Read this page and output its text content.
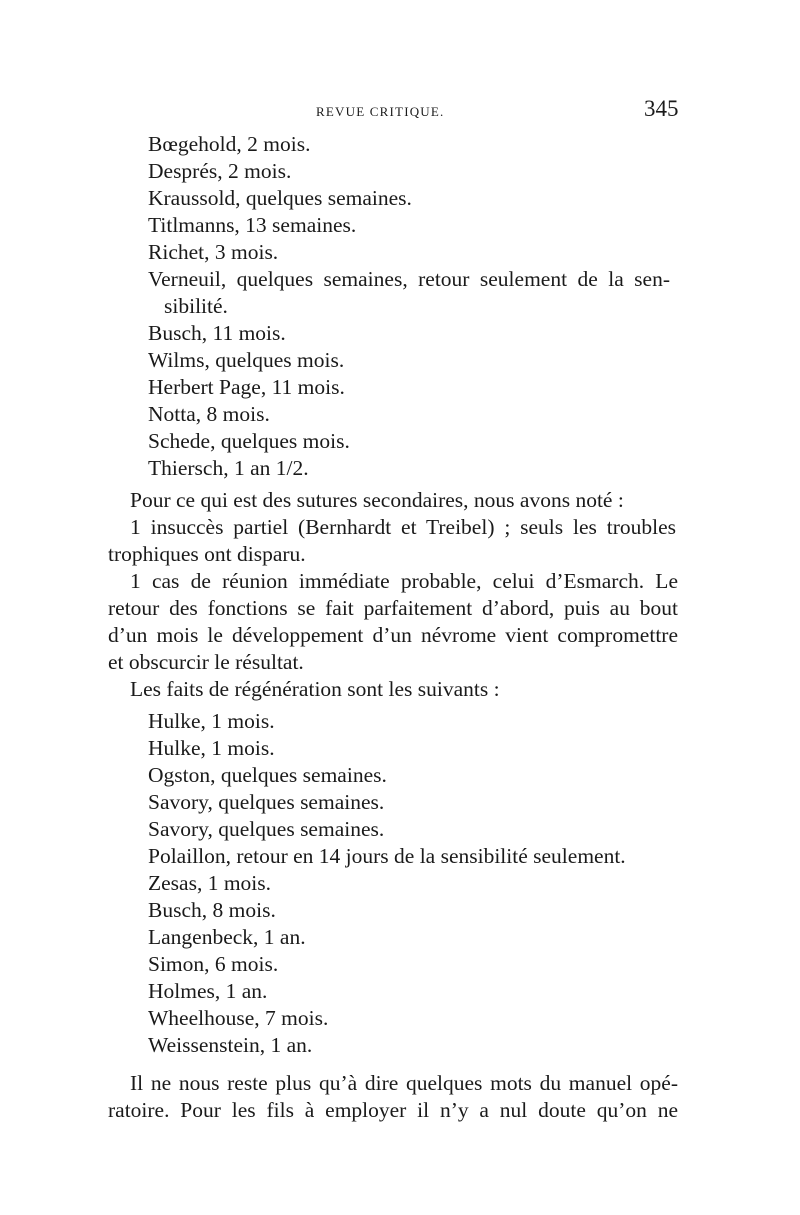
REVUE CRITIQUE.	345
Bœgehold, 2 mois.
Després, 2 mois.
Kraussold, quelques semaines.
Titlmanns, 13 semaines.
Richet, 3 mois.
Verneuil, quelques semaines, retour seulement de la sen-
sibilité.
Busch, 11 mois.
Wilms, quelques mois.
Herbert Page, 11 mois.
Notta, 8 mois.
Schede, quelques mois.
Thiersch, 1 an 1/2.
Pour ce qui est des sutures secondaires, nous avons noté :
1 insuccès partiel (Bernhardt et Treibel) ; seuls les troubles
trophiques ont disparu.
1 cas de réunion immédiate probable, celui d’Esmarch. Le
retour des fonctions se fait parfaitement d’abord, puis au bout
d’un mois le développement d’un névrome vient compromettre
et obscurcir le résultat.
Les faits de régénération sont les suivants :
Hulke, 1 mois.
Hulke, 1 mois.
Ogston, quelques semaines.
Savory, quelques semaines.
Savory, quelques semaines.
Polaillon, retour en 14 jours de la sensibilité seulement.
Zesas, 1 mois.
Busch, 8 mois.
Langenbeck, 1 an.
Simon, 6 mois.
Holmes, 1 an.
Wheelhouse, 7 mois.
Weissenstein, 1 an.
Il ne nous reste plus qu’à dire quelques mots du manuel opé-
ratoire. Pour les fils à employer il n’y a nul doute qu’on ne
